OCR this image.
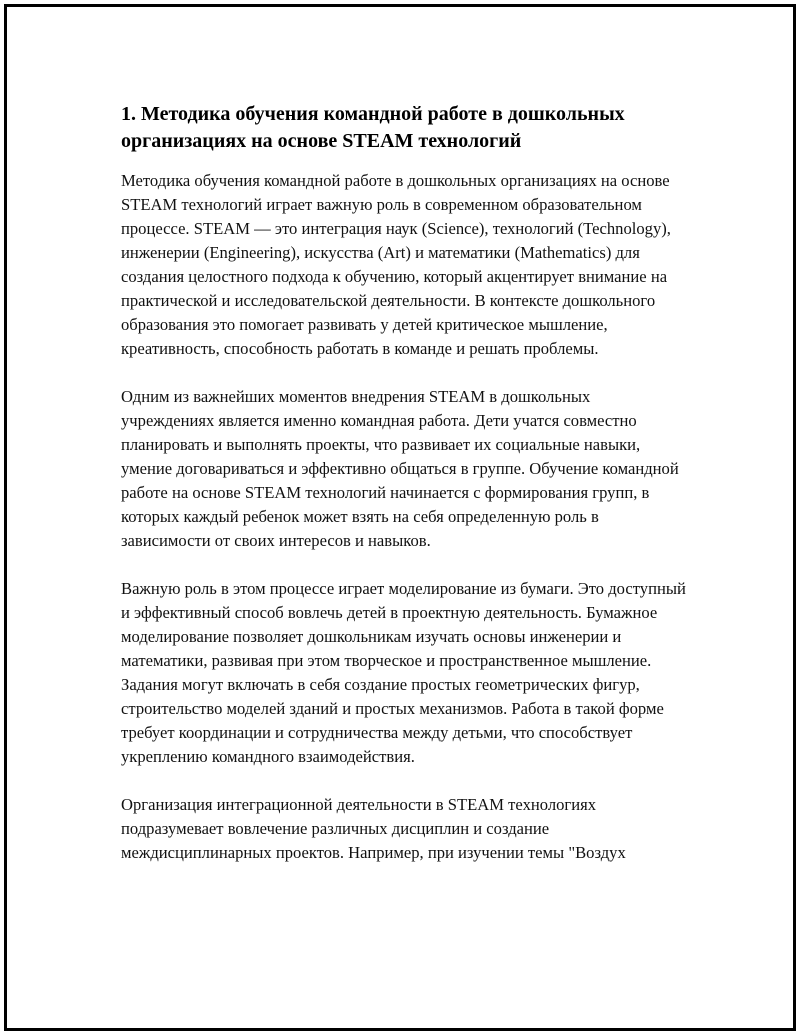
1. Методика обучения командной работе в дошкольных организациях на основе STEAM технологий

Методика обучения командной работе в дошкольных организациях на основе STEAM технологий играет важную роль в современном образовательном процессе. STEAM — это интеграция наук (Science), технологий (Technology), инженерии (Engineering), искусства (Art) и математики (Mathematics) для создания целостного подхода к обучению, который акцентирует внимание на практической и исследовательской деятельности. В контексте дошкольного образования это помогает развивать у детей критическое мышление, креативность, способность работать в команде и решать проблемы.

Одним из важнейших моментов внедрения STEAM в дошкольных учреждениях является именно командная работа. Дети учатся совместно планировать и выполнять проекты, что развивает их социальные навыки, умение договариваться и эффективно общаться в группе. Обучение командной работе на основе STEAM технологий начинается с формирования групп, в которых каждый ребенок может взять на себя определенную роль в зависимости от своих интересов и навыков.

Важную роль в этом процессе играет моделирование из бумаги. Это доступный и эффективный способ вовлечь детей в проектную деятельность. Бумажное моделирование позволяет дошкольникам изучать основы инженерии и математики, развивая при этом творческое и пространственное мышление. Задания могут включать в себя создание простых геометрических фигур, строительство моделей зданий и простых механизмов. Работа в такой форме требует координации и сотрудничества между детьми, что способствует укреплению командного взаимодействия.

Организация интеграционной деятельности в STEAM технологиях подразумевает вовлечение различных дисциплин и создание междисциплинарных проектов. Например, при изучении темы "Воздух
